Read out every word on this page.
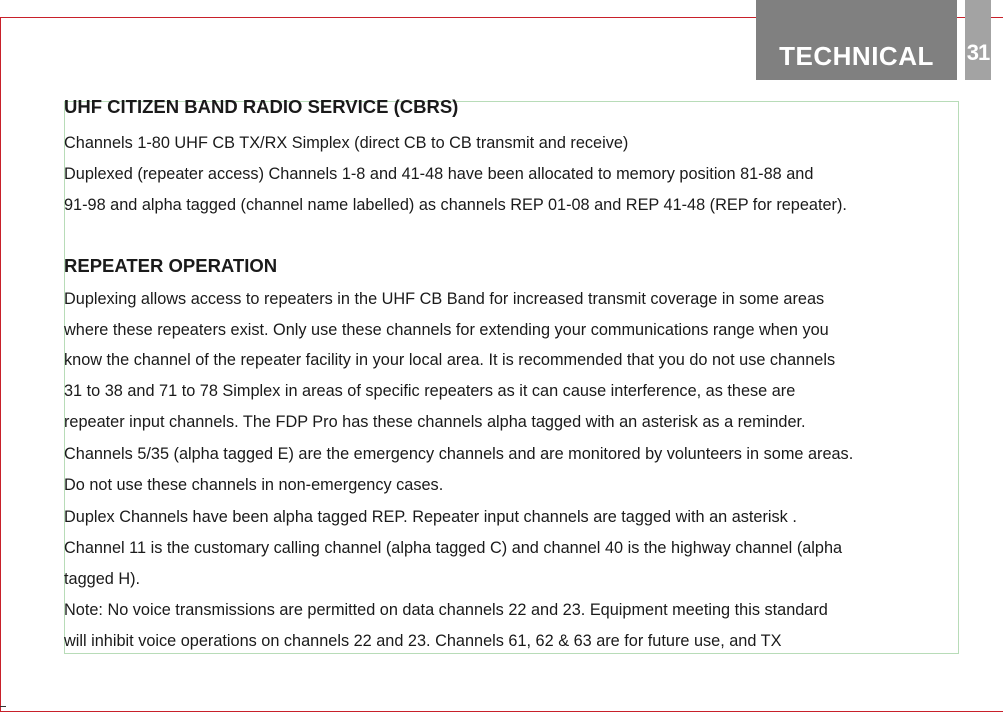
TECHNICAL	31
UHF CITIZEN BAND RADIO SERVICE (CBRS)
Channels 1-80 UHF CB TX/RX Simplex (direct CB to CB transmit and receive)
Duplexed (repeater access) Channels 1-8 and 41-48 have been allocated to memory position 81-88 and
91-98 and alpha tagged (channel name labelled) as channels REP 01-08 and REP 41-48 (REP for repeater).
REPEATER OPERATION
Duplexing allows access to repeaters in the UHF CB Band for increased transmit coverage in some areas
where these repeaters exist. Only use these channels for extending your communications range when you
know the channel of the repeater facility in your local area. It is recommended that you do not use channels
31 to 38 and 71 to 78 Simplex in areas of specific repeaters as it can cause interference, as these are
repeater input channels. The FDP Pro has these channels alpha tagged with an asterisk as a reminder.
Channels 5/35 (alpha tagged E) are the emergency channels and are monitored by volunteers in some areas.
Do not use these channels in non-emergency cases.
Duplex Channels have been alpha tagged REP. Repeater input channels are tagged with an asterisk .
Channel 11 is the customary calling channel (alpha tagged C) and channel 40 is the highway channel (alpha
tagged H).
Note: No voice transmissions are permitted on data channels 22 and 23. Equipment meeting this standard
will inhibit voice operations on channels 22 and 23. Channels 61, 62 & 63 are for future use, and TX
